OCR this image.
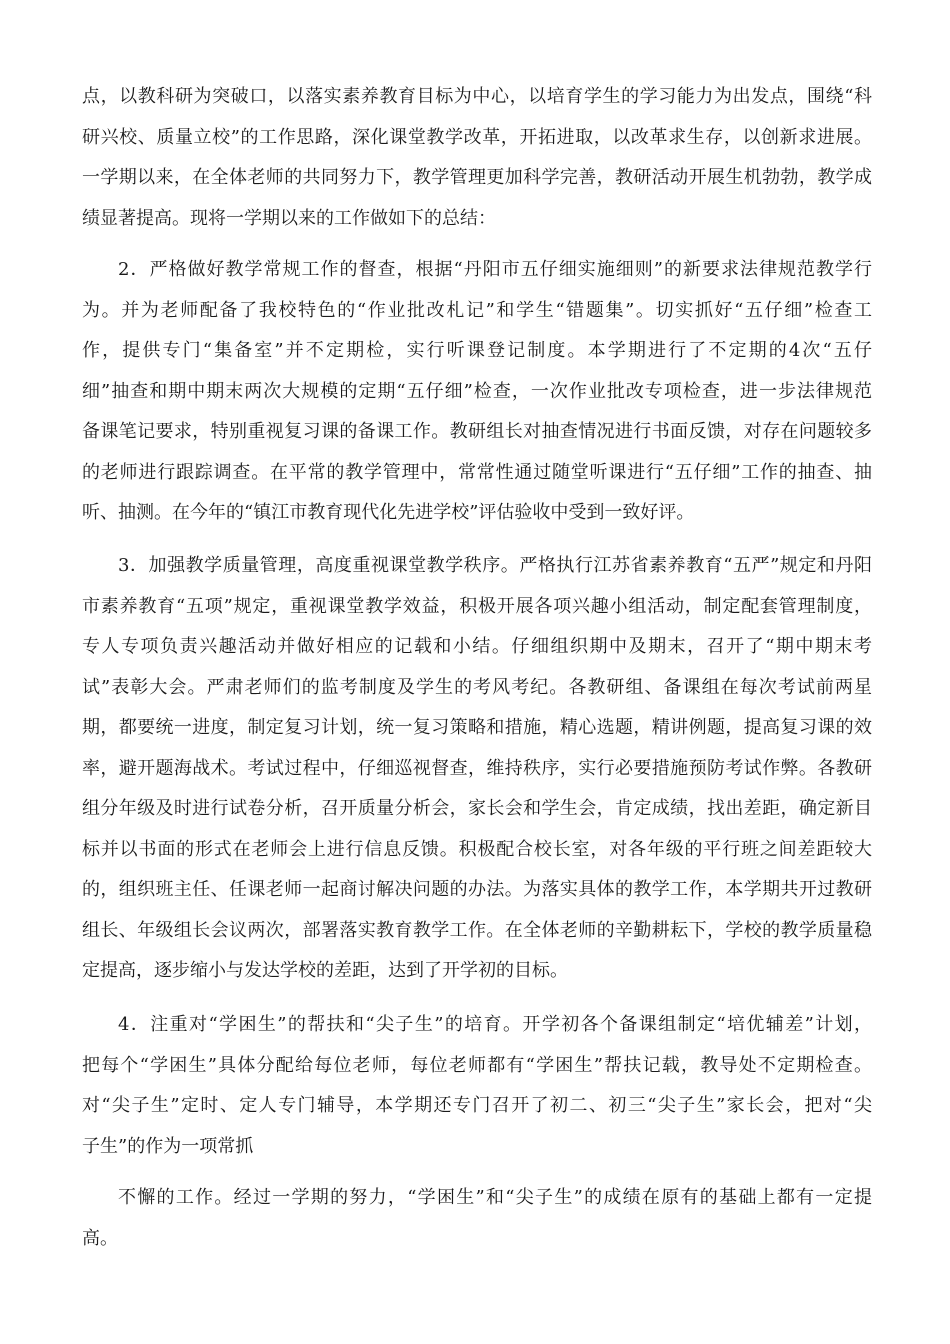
点，以教科研为突破口，以落实素养教育目标为中心，以培育学生的学习能力为出发点，围绕“科
研兴校、质量立校”的工作思路，深化课堂教学改革，开拓进取，以改革求生存，以创新求进展。
一学期以来，在全体老师的共同努力下，教学管理更加科学完善，教研活动开展生机勃勃，教学成
绩显著提高。现将一学期以来的工作做如下的总结：
2．严格做好教学常规工作的督查，根据“丹阳市五仔细实施细则”的新要求法律规范教学行
为。并为老师配备了我校特色的“作业批改札记”和学生“错题集”。切实抓好“五仔细”检查工
作，提供专门“集备室”并不定期检，实行听课登记制度。本学期进行了不定期的4次“五仔
细”抽查和期中期末两次大规模的定期“五仔细”检查，一次作业批改专项检查，进一步法律规范
备课笔记要求，特别重视复习课的备课工作。教研组长对抽查情况进行书面反馈，对存在问题较多
的老师进行跟踪调查。在平常的教学管理中，常常性通过随堂听课进行“五仔细”工作的抽查、抽
听、抽测。在今年的“镇江市教育现代化先进学校”评估验收中受到一致好评。
3．加强教学质量管理，高度重视课堂教学秩序。严格执行江苏省素养教育“五严”规定和丹阳
市素养教育“五项”规定，重视课堂教学效益，积极开展各项兴趣小组活动，制定配套管理制度，
专人专项负责兴趣活动并做好相应的记载和小结。仔细组织期中及期末，召开了“期中期末考
试”表彰大会。严肃老师们的监考制度及学生的考风考纪。各教研组、备课组在每次考试前两星
期，都要统一进度，制定复习计划，统一复习策略和措施，精心选题，精讲例题，提高复习课的效
率，避开题海战术。考试过程中，仔细巡视督查，维持秩序，实行必要措施预防考试作弊。各教研
组分年级及时进行试卷分析，召开质量分析会，家长会和学生会，肯定成绩，找出差距，确定新目
标并以书面的形式在老师会上进行信息反馈。积极配合校长室，对各年级的平行班之间差距较大
的，组织班主任、任课老师一起商讨解决问题的办法。为落实具体的教学工作，本学期共开过教研
组长、年级组长会议两次，部署落实教育教学工作。在全体老师的辛勤耕耘下，学校的教学质量稳
定提高，逐步缩小与发达学校的差距，达到了开学初的目标。
4．注重对“学困生”的帮扶和“尖子生”的培育。开学初各个备课组制定“培优辅差”计划，
把每个“学困生”具体分配给每位老师，每位老师都有“学困生”帮扶记载，教导处不定期检查。
对“尖子生”定时、定人专门辅导，本学期还专门召开了初二、初三“尖子生”家长会，把对“尖
子生”的作为一项常抓
不懈的工作。经过一学期的努力，“学困生”和“尖子生”的成绩在原有的基础上都有一定提
高。
